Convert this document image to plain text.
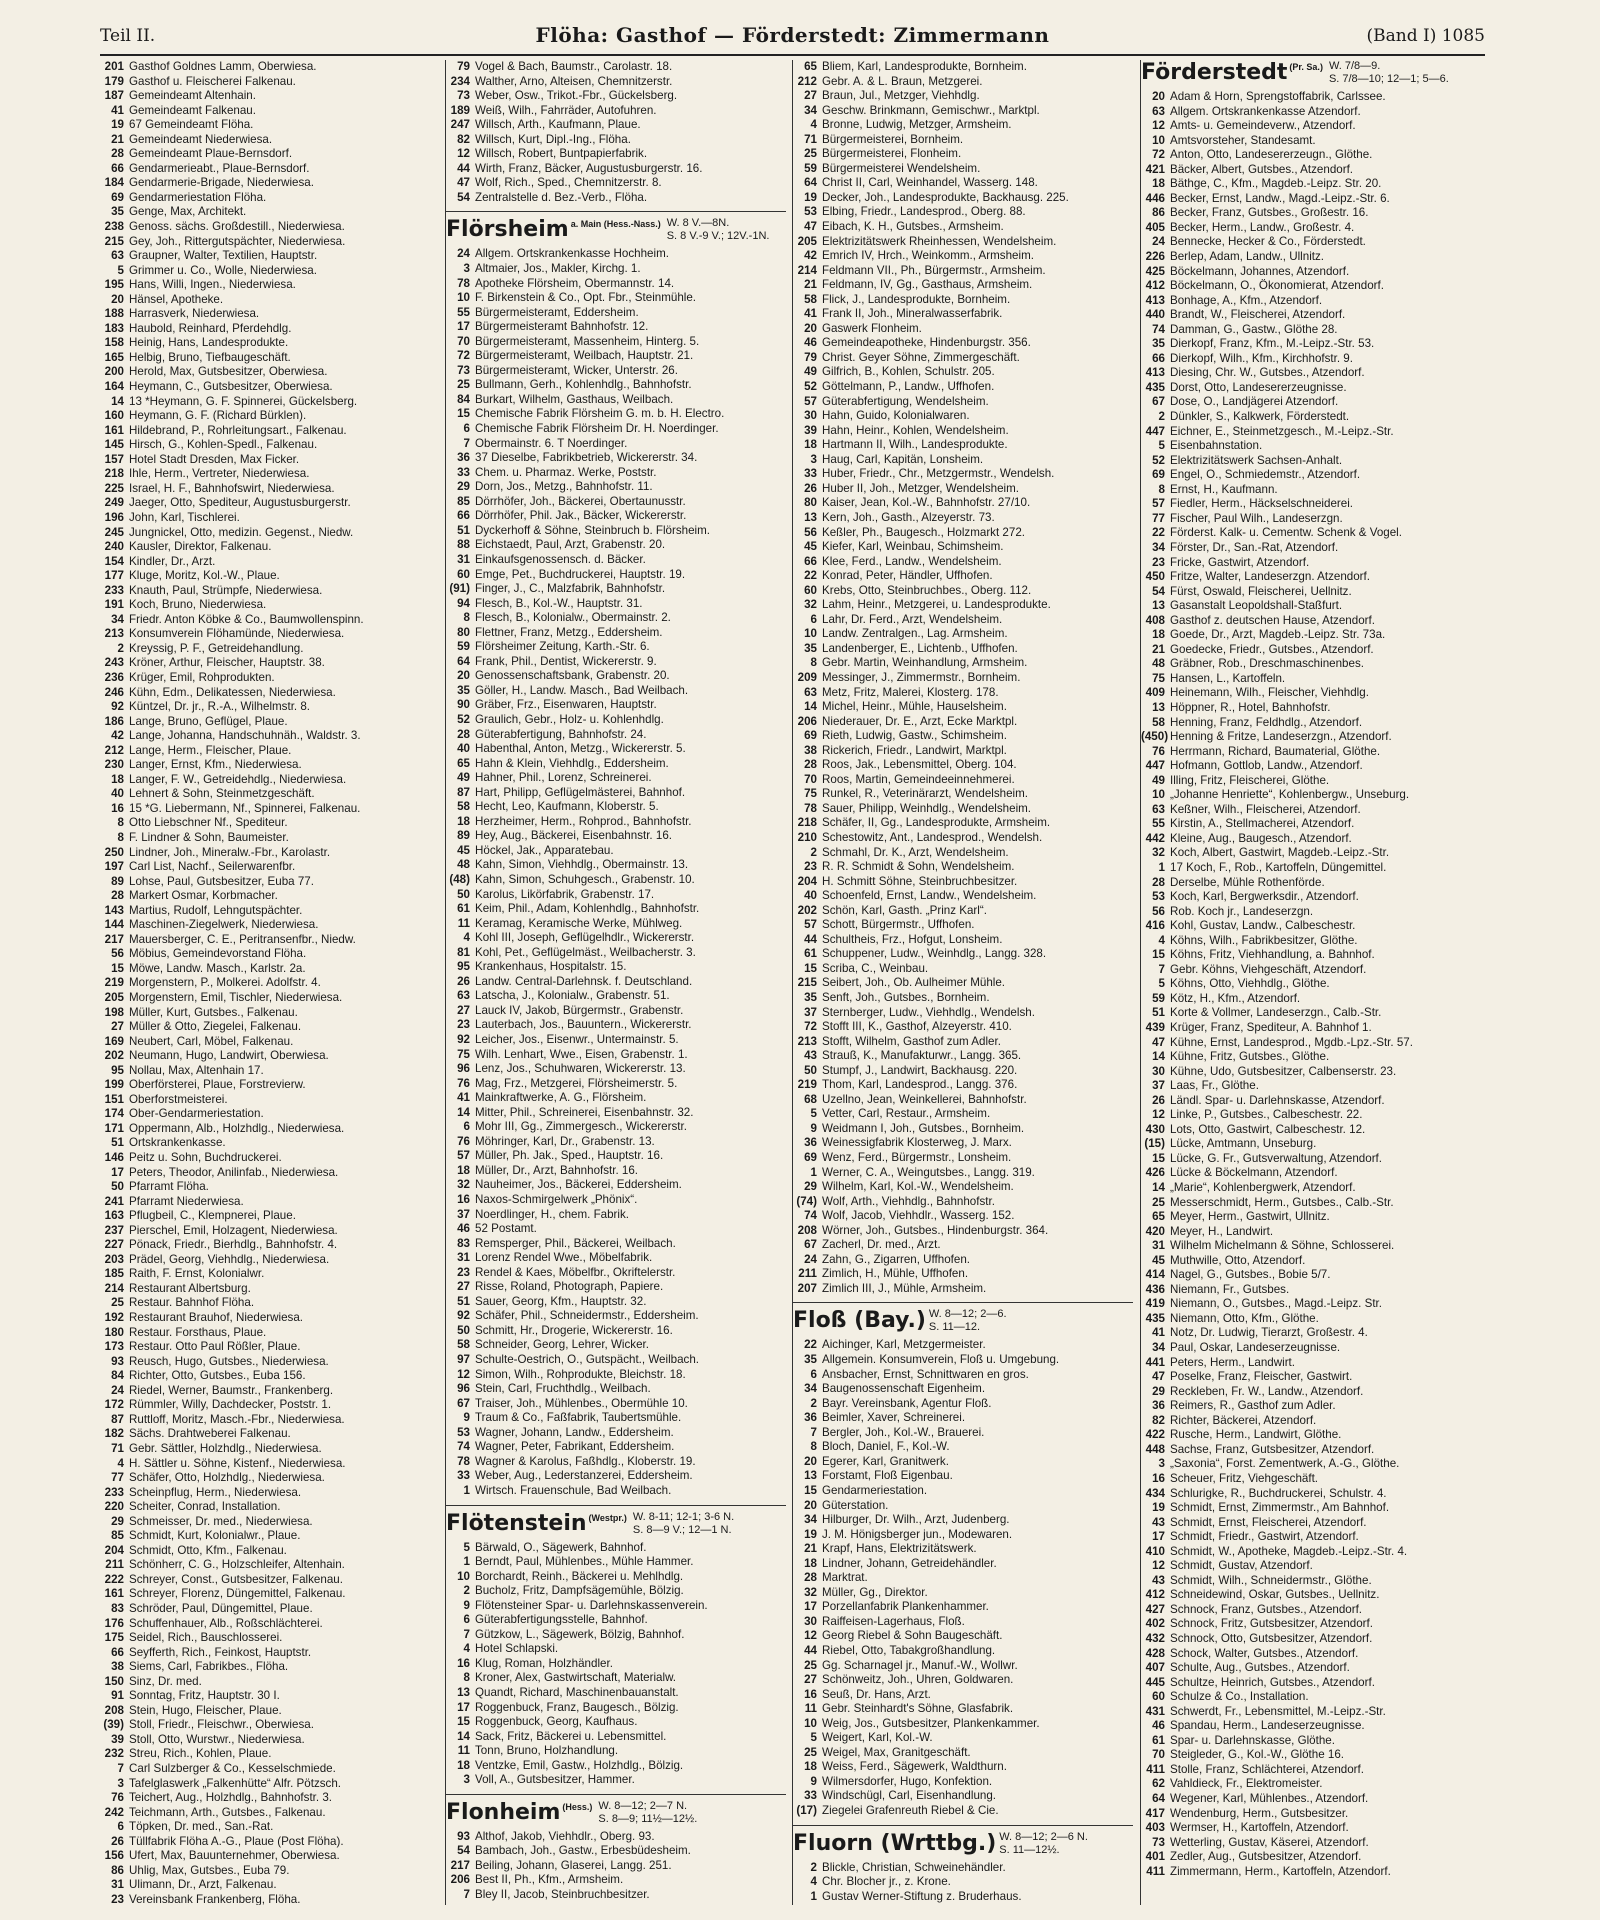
Teil II.	Flöha: Gasthof — Förderstedt: Zimmermann	(Band I) 1085
201 Gasthof Goldnes Lamm, Oberwiesa.
179 Gasthof u. Fleischerei Falkenau.
187 Gemeindeamt Altenhain.
41 Gemeindeamt Falkenau.
19 67 Gemeindeamt Flöha.
21 Gemeindeamt Niederwiesa.
28 Gemeindeamt Plaue-Bernsdorf.
66 Gendarmerieabt., Plaue-Bernsdorf.
184 Gendarmerie-Brigade, Niederwiesa.
69 Gendarmeriestation Flöha.
35 Genge, Max, Architekt.
238 Genoss. sächs. Großdestill., Niederwiesa.
215 Gey, Joh., Rittergutspächter, Niederwiesa.
63 Graupner, Walter, Textilien, Hauptstr.
5 Grimmer u. Co., Wolle, Niederwiesa.
195 Hans, Willi, Ingen., Niederwiesa.
20 Hänsel, Apotheke.
188 Harrasverk, Niederwiesa.
183 Haubold, Reinhard, Pferdehdlg.
158 Heinig, Hans, Landesprodukte.
165 Helbig, Bruno, Tiefbaugeschäft.
200 Herold, Max, Gutsbesitzer, Oberwiesa.
164 Heymann, C., Gutsbesitzer, Oberwiesa.
14 13 *Heymann, G. F. Spinnerei, Gückelsberg.
160 Heymann, G. F. (Richard Bürklen).
161 Hildebrand, P., Rohrleitungsart., Falkenau.
145 Hirsch, G., Kohlen-Spedl., Falkenau.
157 Hotel Stadt Dresden, Max Ficker.
218 Ihle, Herm., Vertreter, Niederwiesa.
225 Israel, H. F., Bahnhofswirt, Niederwiesa.
249 Jaeger, Otto, Spediteur, Augustusburgerstr.
196 John, Karl, Tischlerei.
245 Jungnickel, Otto, medizin. Gegenst., Niedw.
240 Kausler, Direktor, Falkenau.
154 Kindler, Dr., Arzt.
177 Kluge, Moritz, Kol.-W., Plaue.
233 Knauth, Paul, Strümpfe, Niederwiesa.
191 Koch, Bruno, Niederwiesa.
34 Friedr. Anton Köbke & Co., Baumwollenspinn.
213 Konsumverein Flöhamünde, Niederwiesa.
2 Kreyssig, P. F., Getreidehandlung.
243 Kröner, Arthur, Fleischer, Hauptstr. 38.
236 Krüger, Emil, Rohprodukten.
246 Kühn, Edm., Delikatessen, Niederwiesa.
92 Küntzel, Dr. jr., R.-A., Wilhelmstr. 8.
186 Lange, Bruno, Geflügel, Plaue.
42 Lange, Johanna, Handschuhnäh., Waldstr. 3.
212 Lange, Herm., Fleischer, Plaue.
230 Langer, Ernst, Kfm., Niederwiesa.
18 Langer, F. W., Getreidehdlg., Niederwiesa.
40 Lehnert & Sohn, Steinmetzgeschäft.
16 15 *G. Liebermann, Nf., Spinnerei, Falkenau.
8 Otto Liebschner Nf., Spediteur.
8 F. Lindner & Sohn, Baumeister.
250 Lindner, Joh., Mineralw.-Fbr., Karolastr.
197 Carl List, Nachf., Seilerwarenfbr.
89 Lohse, Paul, Gutsbesitzer, Euba 77.
28 Markert Osmar, Korbmacher.
143 Martius, Rudolf, Lehngutspächter.
144 Maschinen-Ziegelwerk, Niederwiesa.
217 Mauersberger, C. E., Peritransenfbr., Niedw.
56 Möbius, Gemeindevorstand Flöha.
15 Möwe, Landw. Masch., Karlstr. 2a.
219 Morgenstern, P., Molkerei. Adolfstr. 4.
205 Morgenstern, Emil, Tischler, Niederwiesa.
198 Müller, Kurt, Gutsbes., Falkenau.
27 Müller & Otto, Ziegelei, Falkenau.
169 Neubert, Carl, Möbel, Falkenau.
202 Neumann, Hugo, Landwirt, Oberwiesa.
95 Nollau, Max, Altenhain 17.
199 Oberförsterei, Plaue, Forstrevierw.
151 Oberforstmeisterei.
174 Ober-Gendarmeriestation.
171 Oppermann, Alb., Holzhdlg., Niederwiesa.
51 Ortskrankenkasse.
146 Peitz u. Sohn, Buchdruckerei.
17 Peters, Theodor, Anilinfab., Niederwiesa.
50 Pfarramt Flöha.
241 Pfarramt Niederwiesa.
163 Pflugbeil, C., Klempnerei, Plaue.
237 Pierschel, Emil, Holzagent, Niederwiesa.
227 Pönack, Friedr., Bierhdlg., Bahnhofstr. 4.
203 Prädel, Georg, Viehhdlg., Niederwiesa.
185 Raith, F. Ernst, Kolonialwr.
214 Restaurant Albertsburg.
25 Restaur. Bahnhof Flöha.
192 Restaurant Brauhof, Niederwiesa.
180 Restaur. Forsthaus, Plaue.
173 Restaur. Otto Paul Rößler, Plaue.
93 Reusch, Hugo, Gutsbes., Niederwiesa.
84 Richter, Otto, Gutsbes., Euba 156.
24 Riedel, Werner, Baumstr., Frankenberg.
172 Rümmler, Willy, Dachdecker, Poststr. 1.
87 Ruttloff, Moritz, Masch.-Fbr., Niederwiesa.
182 Sächs. Drahtweberei Falkenau.
71 Gebr. Sättler, Holzhdlg., Niederwiesa.
4 H. Sättler u. Söhne, Kistenf., Niederwiesa.
77 Schäfer, Otto, Holzhdlg., Niederwiesa.
233 Scheinpflug, Herm., Niederwiesa.
220 Scheiter, Conrad, Installation.
29 Schmeisser, Dr. med., Niederwiesa.
85 Schmidt, Kurt, Kolonialwr., Plaue.
204 Schmidt, Otto, Kfm., Falkenau.
211 Schönherr, C. G., Holzschleifer, Altenhain.
222 Schreyer, Const., Gutsbesitzer, Falkenau.
161 Schreyer, Florenz, Düngemittel, Falkenau.
83 Schröder, Paul, Düngemittel, Plaue.
176 Schuffenhauer, Alb., Roßschlächterei.
175 Seidel, Rich., Bauschlosserei.
66 Seyfferth, Rich., Feinkost, Hauptstr.
38 Siems, Carl, Fabrikbes., Flöha.
150 Sinz, Dr. med.
91 Sonntag, Fritz, Hauptstr. 30 I.
208 Stein, Hugo, Fleischer, Plaue.
(39) Stoll, Friedr., Fleischwr., Oberwiesa.
39 Stoll, Otto, Wurstwr., Niederwiesa.
232 Streu, Rich., Kohlen, Plaue.
7 Carl Sulzberger & Co., Kesselschmiede.
3 Tafelglaswerk „Falkenhütte“ Alfr. Pötzsch.
76 Teichert, Aug., Holzhdlg., Bahnhofstr. 3.
242 Teichmann, Arth., Gutsbes., Falkenau.
6 Töpken, Dr. med., San.-Rat.
26 Tüllfabrik Flöha A.-G., Plaue (Post Flöha).
156 Ufert, Max, Bauunternehmer, Oberwiesa.
86 Uhlig, Max, Gutsbes., Euba 79.
31 Ulimann, Dr., Arzt, Falkenau.
23 Vereinsbank Frankenberg, Flöha.
79 Vogel & Bach, Baumstr., Carolastr. 18.
234 Walther, Arno, Alteisen, Chemnitzerstr.
73 Weber, Osw., Trikot.-Fbr., Gückelsberg.
189 Weiß, Wilh., Fahrräder, Autofuhren.
247 Willsch, Arth., Kaufmann, Plaue.
82 Willsch, Kurt, Dipl.-Ing., Flöha.
12 Willsch, Robert, Buntpapierfabrik.
44 Wirth, Franz, Bäcker, Augustusburgerstr. 16.
47 Wolf, Rich., Sped., Chemnitzerstr. 8.
54 Zentralstelle d. Bez.-Verb., Flöha.
Flörsheim a. Main (Hess.-Nass.) W. 8 V.—8N.
S. 8 V.-9 V.; 12V.-1N.
24 Allgem. Ortskrankenkasse Hochheim.
3 Altmaier, Jos., Makler, Kirchg. 1.
78 Apotheke Flörsheim, Obermannstr. 14.
10 F. Birkenstein & Co., Opt. Fbr., Steinmühle.
55 Bürgermeisteramt, Eddersheim.
17 Bürgermeisteramt Bahnhofstr. 12.
70 Bürgermeisteramt, Massenheim, Hinterg. 5.
72 Bürgermeisteramt, Weilbach, Hauptstr. 21.
73 Bürgermeisteramt, Wicker, Unterstr. 26.
25 Bullmann, Gerh., Kohlenhdlg., Bahnhofstr.
84 Burkart, Wilhelm, Gasthaus, Weilbach.
15 Chemische Fabrik Flörsheim G. m. b. H. Electro.
6 Chemische Fabrik Flörsheim Dr. H. Noerdinger.
7 Obermainstr. 6. T Noerdinger.
36 37 Dieselbe, Fabrikbetrieb, Wickererstr. 34.
33 Chem. u. Pharmaz. Werke, Poststr.
29 Dorn, Jos., Metzg., Bahnhofstr. 11.
85 Dörrhöfer, Joh., Bäckerei, Obertaunusstr.
66 Dörrhöfer, Phil. Jak., Bäcker, Wickererstr.
51 Dyckerhoff & Söhne, Steinbruch b. Flörsheim.
88 Eichstaedt, Paul, Arzt, Grabenstr. 20.
31 Einkaufsgenossensch. d. Bäcker.
60 Emge, Pet., Buchdruckerei, Hauptstr. 19.
(91) Finger, J., C., Malzfabrik, Bahnhofstr.
94 Flesch, B., Kol.-W., Hauptstr. 31.
8 Flesch, B., Kolonialw., Obermainstr. 2.
80 Flettner, Franz, Metzg., Eddersheim.
59 Flörsheimer Zeitung, Karth.-Str. 6.
64 Frank, Phil., Dentist, Wickererstr. 9.
20 Genossenschaftsbank, Grabenstr. 20.
35 Göller, H., Landw. Masch., Bad Weilbach.
90 Gräber, Frz., Eisenwaren, Hauptstr.
52 Graulich, Gebr., Holz- u. Kohlenhdlg.
28 Güterabfertigung, Bahnhofstr. 24.
40 Habenthal, Anton, Metzg., Wickererstr. 5.
65 Hahn & Klein, Viehhdlg., Eddersheim.
49 Hahner, Phil., Lorenz, Schreinerei.
87 Hart, Philipp, Geflügelmästerei, Bahnhof.
58 Hecht, Leo, Kaufmann, Kloberstr. 5.
18 Herzheimer, Herm., Rohprod., Bahnhofstr.
89 Hey, Aug., Bäckerei, Eisenbahnstr. 16.
45 Höckel, Jak., Apparatebau.
48 Kahn, Simon, Viehhdlg., Obermainstr. 13.
(48) Kahn, Simon, Schuhgesch., Grabenstr. 10.
50 Karolus, Likörfabrik, Grabenstr. 17.
61 Keim, Phil., Adam, Kohlenhdlg., Bahnhofstr.
11 Keramag, Keramische Werke, Mühlweg.
4 Kohl III, Joseph, Geflügelhdlr., Wickererstr.
81 Kohl, Pet., Geflügelmäst., Weilbacherstr. 3.
95 Krankenhaus, Hospitalstr. 15.
26 Landw. Central-Darlehnsk. f. Deutschland.
63 Latscha, J., Kolonialw., Grabenstr. 51.
27 Lauck IV, Jakob, Bürgermstr., Grabenstr.
23 Lauterbach, Jos., Bauuntern., Wickererstr.
92 Leicher, Jos., Eisenwr., Untermainstr. 5.
75 Wilh. Lenhart, Wwe., Eisen, Grabenstr. 1.
96 Lenz, Jos., Schuhwaren, Wickererstr. 13.
76 Mag, Frz., Metzgerei, Flörsheimerstr. 5.
41 Mainkraftwerke, A. G., Flörsheim.
14 Mitter, Phil., Schreinerei, Eisenbahnstr. 32.
6 Mohr III, Gg., Zimmergesch., Wickererstr.
76 Möhringer, Karl, Dr., Grabenstr. 13.
57 Müller, Ph. Jak., Sped., Hauptstr. 16.
18 Müller, Dr., Arzt, Bahnhofstr. 16.
32 Nauheimer, Jos., Bäckerei, Eddersheim.
16 Naxos-Schmirgelwerk „Phönix“.
37 Noerdlinger, H., chem. Fabrik.
46 52 Postamt.
83 Remsperger, Phil., Bäckerei, Weilbach.
31 Lorenz Rendel Wwe., Möbelfabrik.
23 Rendel & Kaes, Möbelfbr., Okriftelerstr.
27 Risse, Roland, Photograph, Papiere.
51 Sauer, Georg, Kfm., Hauptstr. 32.
92 Schäfer, Phil., Schneidermstr., Eddersheim.
50 Schmitt, Hr., Drogerie, Wickererstr. 16.
58 Schneider, Georg, Lehrer, Wicker.
97 Schulte-Oestrich, O., Gutspächt., Weilbach.
12 Simon, Wilh., Rohprodukte, Bleichstr. 18.
96 Stein, Carl, Fruchthdlg., Weilbach.
67 Traiser, Joh., Mühlenbes., Obermühle 10.
9 Traum & Co., Faßfabrik, Taubertsmühle.
53 Wagner, Johann, Landw., Eddersheim.
74 Wagner, Peter, Fabrikant, Eddersheim.
78 Wagner & Karolus, Faßhdlg., Kloberstr. 19.
33 Weber, Aug., Lederstanzerei, Eddersheim.
1 Wirtsch. Frauenschule, Bad Weilbach.
Flötenstein (Westpr.) W. 8-11; 12-1; 3-6 N.
S. 8—9 V.; 12—1 N.
5 Bärwald, O., Sägewerk, Bahnhof.
1 Berndt, Paul, Mühlenbes., Mühle Hammer.
10 Borchardt, Reinh., Bäckerei u. Mehlhdlg.
2 Bucholz, Fritz, Dampfsägemühle, Bölzig.
9 Flötensteiner Spar- u. Darlehnskassenverein.
6 Güterabfertigungsstelle, Bahnhof.
7 Gützkow, L., Sägewerk, Bölzig, Bahnhof.
4 Hotel Schlapski.
16 Klug, Roman, Holzhändler.
8 Kroner, Alex, Gastwirtschaft, Materialw.
13 Quandt, Richard, Maschinenbauanstalt.
17 Roggenbuck, Franz, Baugesch., Bölzig.
15 Roggenbuck, Georg, Kaufhaus.
14 Sack, Fritz, Bäckerei u. Lebensmittel.
11 Tonn, Bruno, Holzhandlung.
18 Ventzke, Emil, Gastw., Holzhdlg., Bölzig.
3 Voll, A., Gutsbesitzer, Hammer.
Flonheim (Hess.) W. 8—12; 2—7 N.
S. 8—9; 11½—12½.
93 Althof, Jakob, Viehhdlr., Oberg. 93.
54 Bambach, Joh., Gastw., Erbesbüdesheim.
217 Beiling, Johann, Glaserei, Langg. 251.
206 Best II, Ph., Kfm., Armsheim.
7 Bley II, Jacob, Steinbruchbesitzer.
65 Bliem, Karl, Landesprodukte, Bornheim.
212 Gebr. A. & L. Braun, Metzgerei.
27 Braun, Jul., Metzger, Viehhdlg.
34 Geschw. Brinkmann, Gemischwr., Marktpl.
4 Bronne, Ludwig, Metzger, Armsheim.
71 Bürgermeisterei, Bornheim.
25 Bürgermeisterei, Flonheim.
59 Bürgermeisterei Wendelsheim.
64 Christ II, Carl, Weinhandel, Wasserg. 148.
19 Decker, Joh., Landesprodukte, Backhausg. 225.
53 Elbing, Friedr., Landesprod., Oberg. 88.
47 Eibach, K. H., Gutsbes., Armsheim.
205 Elektrizitätswerk Rheinhessen, Wendelsheim.
42 Emrich IV, Hrch., Weinkomm., Armsheim.
214 Feldmann VII., Ph., Bürgermstr., Armsheim.
21 Feldmann, IV, Gg., Gasthaus, Armsheim.
58 Flick, J., Landesprodukte, Bornheim.
41 Frank II, Joh., Mineralwasserfabrik.
20 Gaswerk Flonheim.
46 Gemeindeapotheke, Hindenburgstr. 356.
79 Christ. Geyer Söhne, Zimmergeschäft.
49 Gilfrich, B., Kohlen, Schulstr. 205.
52 Göttelmann, P., Landw., Uffhofen.
57 Güterabfertigung, Wendelsheim.
30 Hahn, Guido, Kolonialwaren.
39 Hahn, Heinr., Kohlen, Wendelsheim.
18 Hartmann II, Wilh., Landesprodukte.
3 Haug, Carl, Kapitän, Lonsheim.
33 Huber, Friedr., Chr., Metzgermstr., Wendelsh.
26 Huber II, Joh., Metzger, Wendelsheim.
80 Kaiser, Jean, Kol.-W., Bahnhofstr. 27/10.
13 Kern, Joh., Gasth., Alzeyerstr. 73.
56 Keßler, Ph., Baugesch., Holzmarkt 272.
45 Kiefer, Karl, Weinbau, Schimsheim.
66 Klee, Ferd., Landw., Wendelsheim.
22 Konrad, Peter, Händler, Uffhofen.
60 Krebs, Otto, Steinbruchbes., Oberg. 112.
32 Lahm, Heinr., Metzgerei, u. Landesprodukte.
6 Lahr, Dr. Ferd., Arzt, Wendelsheim.
10 Landw. Zentralgen., Lag. Armsheim.
35 Landenberger, E., Lichtenb., Uffhofen.
8 Gebr. Martin, Weinhandlung, Armsheim.
209 Messinger, J., Zimmermstr., Bornheim.
63 Metz, Fritz, Malerei, Klosterg. 178.
14 Michel, Heinr., Mühle, Hauselsheim.
206 Niederauer, Dr. E., Arzt, Ecke Marktpl.
69 Rieth, Ludwig, Gastw., Schimsheim.
38 Rickerich, Friedr., Landwirt, Marktpl.
28 Roos, Jak., Lebensmittel, Oberg. 104.
70 Roos, Martin, Gemeindeeinnehmerei.
75 Runkel, R., Veterinärarzt, Wendelsheim.
78 Sauer, Philipp, Weinhdlg., Wendelsheim.
218 Schäfer, II, Gg., Landesprodukte, Armsheim.
210 Schestowitz, Ant., Landesprod., Wendelsh.
2 Schmahl, Dr. K., Arzt, Wendelsheim.
23 R. R. Schmidt & Sohn, Wendelsheim.
204 H. Schmitt Söhne, Steinbruchbesitzer.
40 Schoenfeld, Ernst, Landw., Wendelsheim.
202 Schön, Karl, Gasth. „Prinz Karl“.
57 Schott, Bürgermstr., Uffhofen.
44 Schultheis, Frz., Hofgut, Lonsheim.
61 Schuppener, Ludw., Weinhdlg., Langg. 328.
15 Scriba, C., Weinbau.
215 Seibert, Joh., Ob. Aulheimer Mühle.
35 Senft, Joh., Gutsbes., Bornheim.
37 Sternberger, Ludw., Viehhdlg., Wendelsh.
72 Stofft III, K., Gasthof, Alzeyerstr. 410.
213 Stofft, Wilhelm, Gasthof zum Adler.
43 Strauß, K., Manufakturwr., Langg. 365.
50 Stumpf, J., Landwirt, Backhausg. 220.
219 Thom, Karl, Landesprod., Langg. 376.
68 Uzellno, Jean, Weinkellerei, Bahnhofstr.
5 Vetter, Carl, Restaur., Armsheim.
9 Weidmann I, Joh., Gutsbes., Bornheim.
36 Weinessigfabrik Klosterweg, J. Marx.
69 Wenz, Ferd., Bürgermstr., Lonsheim.
1 Werner, C. A., Weingutsbes., Langg. 319.
29 Wilhelm, Karl, Kol.-W., Wendelsheim.
(74) Wolf, Arth., Viehhdlg., Bahnhofstr.
74 Wolf, Jacob, Viehhdlr., Wasserg. 152.
208 Wörner, Joh., Gutsbes., Hindenburgstr. 364.
67 Zacherl, Dr. med., Arzt.
24 Zahn, G., Zigarren, Uffhofen.
211 Zimlich, H., Mühle, Uffhofen.
207 Zimlich III, J., Mühle, Armsheim.
Floß (Bay.) W. 8—12; 2—6.
S. 11—12.
22 Aichinger, Karl, Metzgermeister.
35 Allgemein. Konsumverein, Floß u. Umgebung.
6 Ansbacher, Ernst, Schnittwaren en gros.
34 Baugenossenschaft Eigenheim.
2 Bayr. Vereinsbank, Agentur Floß.
36 Beimler, Xaver, Schreinerei.
7 Bergler, Joh., Kol.-W., Brauerei.
8 Bloch, Daniel, F., Kol.-W.
20 Egerer, Karl, Granitwerk.
13 Forstamt, Floß Eigenbau.
15 Gendarmeriestation.
20 Güterstation.
34 Hilburger, Dr. Wilh., Arzt, Judenberg.
19 J. M. Hönigsberger jun., Modewaren.
21 Krapf, Hans, Elektrizitätswerk.
18 Lindner, Johann, Getreidehändler.
28 Marktrat.
32 Müller, Gg., Direktor.
17 Porzellanfabrik Plankenhammer.
30 Raiffeisen-Lagerhaus, Floß.
12 Georg Riebel & Sohn Baugeschäft.
44 Riebel, Otto, Tabakgroßhandlung.
25 Gg. Scharnagel jr., Manuf.-W., Wollwr.
27 Schönweitz, Joh., Uhren, Goldwaren.
16 Seuß, Dr. Hans, Arzt.
11 Gebr. Steinhardt's Söhne, Glasfabrik.
10 Weig, Jos., Gutsbesitzer, Plankenkammer.
5 Weigert, Karl, Kol.-W.
25 Weigel, Max, Granitgeschäft.
18 Weiss, Ferd., Sägewerk, Waldthurn.
9 Wilmersdorfer, Hugo, Konfektion.
33 Windschügl, Carl, Eisenhandlung.
(17) Ziegelei Grafenreuth Riebel & Cie.
Fluorn (Wrttbg.) W. 8—12; 2—6 N.
S. 11—12½.
2 Blickle, Christian, Schweinehändler.
4 Chr. Blocher jr., z. Krone.
1 Gustav Werner-Stiftung z. Bruderhaus.
Förderstedt (Pr. Sa.) W. 7/8—9.
S. 7/8—10; 12—1; 5—6.
20 Adam & Horn, Sprengstoffabrik, Carlssee.
63 Allgem. Ortskrankenkasse Atzendorf.
12 Amts- u. Gemeindeverw., Atzendorf.
10 Amtsvorsteher, Standesamt.
72 Anton, Otto, Landesererzeugn., Glöthe.
421 Bäcker, Albert, Gutsbes., Atzendorf.
18 Bäthge, C., Kfm., Magdeb.-Leipz. Str. 20.
446 Becker, Ernst, Landw., Magd.-Leipz.-Str. 6.
86 Becker, Franz, Gutsbes., Großestr. 16.
405 Becker, Herm., Landw., Großestr. 4.
24 Bennecke, Hecker & Co., Förderstedt.
226 Berlep, Adam, Landw., Ullnitz.
425 Böckelmann, Johannes, Atzendorf.
412 Böckelmann, O., Ökonomierat, Atzendorf.
413 Bonhage, A., Kfm., Atzendorf.
440 Brandt, W., Fleischerei, Atzendorf.
74 Damman, G., Gastw., Glöthe 28.
35 Dierkopf, Franz, Kfm., M.-Leipz.-Str. 53.
66 Dierkopf, Wilh., Kfm., Kirchhofstr. 9.
413 Diesing, Chr. W., Gutsbes., Atzendorf.
435 Dorst, Otto, Landesererzeugnisse.
67 Dose, O., Landjägerei Atzendorf.
2 Dünkler, S., Kalkwerk, Förderstedt.
447 Eichner, E., Steinmetzgesch., M.-Leipz.-Str.
5 Eisenbahnstation.
52 Elektrizitätswerk Sachsen-Anhalt.
69 Engel, O., Schmiedemstr., Atzendorf.
8 Ernst, H., Kaufmann.
57 Fiedler, Herm., Häckselschneiderei.
77 Fischer, Paul Wilh., Landeserzgn.
22 Förderst. Kalk- u. Cementw. Schenk & Vogel.
34 Förster, Dr., San.-Rat, Atzendorf.
23 Fricke, Gastwirt, Atzendorf.
450 Fritze, Walter, Landeserzgn. Atzendorf.
54 Fürst, Oswald, Fleischerei, Uellnitz.
13 Gasanstalt Leopoldshall-Staßfurt.
408 Gasthof z. deutschen Hause, Atzendorf.
18 Goede, Dr., Arzt, Magdeb.-Leipz. Str. 73a.
21 Goedecke, Friedr., Gutsbes., Atzendorf.
48 Gräbner, Rob., Dreschmaschinenbes.
75 Hansen, L., Kartoffeln.
409 Heinemann, Wilh., Fleischer, Viehhdlg.
13 Höppner, R., Hotel, Bahnhofstr.
58 Henning, Franz, Feldhdlg., Atzendorf.
(450) Henning & Fritze, Landeserzgn., Atzendorf.
76 Herrmann, Richard, Baumaterial, Glöthe.
447 Hofmann, Gottlob, Landw., Atzendorf.
49 Illing, Fritz, Fleischerei, Glöthe.
10 „Johanne Henriette“, Kohlenbergw., Unseburg.
63 Keßner, Wilh., Fleischerei, Atzendorf.
55 Kirstin, A., Stellmacherei, Atzendorf.
442 Kleine, Aug., Baugesch., Atzendorf.
32 Koch, Albert, Gastwirt, Magdeb.-Leipz.-Str.
1 17 Koch, F., Rob., Kartoffeln, Düngemittel.
28 Derselbe, Mühle Rothenförde.
53 Koch, Karl, Bergwerksdir., Atzendorf.
56 Rob. Koch jr., Landeserzgn.
416 Kohl, Gustav, Landw., Calbeschestr.
4 Köhns, Wilh., Fabrikbesitzer, Glöthe.
15 Köhns, Fritz, Viehhandlung, a. Bahnhof.
7 Gebr. Köhns, Viehgeschäft, Atzendorf.
5 Köhns, Otto, Viehhdlg., Glöthe.
59 Kötz, H., Kfm., Atzendorf.
51 Korte & Vollmer, Landeserzgn., Calb.-Str.
439 Krüger, Franz, Spediteur, A. Bahnhof 1.
47 Kühne, Ernst, Landesprod., Mgdb.-Lpz.-Str. 57.
14 Kühne, Fritz, Gutsbes., Glöthe.
30 Kühne, Udo, Gutsbesitzer, Calbenserstr. 23.
37 Laas, Fr., Glöthe.
26 Ländl. Spar- u. Darlehnskasse, Atzendorf.
12 Linke, P., Gutsbes., Calbeschestr. 22.
430 Lots, Otto, Gastwirt, Calbeschestr. 12.
(15) Lücke, Amtmann, Unseburg.
15 Lücke, G. Fr., Gutsverwaltung, Atzendorf.
426 Lücke & Böckelmann, Atzendorf.
14 „Marie“, Kohlenbergwerk, Atzendorf.
25 Messerschmidt, Herm., Gutsbes., Calb.-Str.
65 Meyer, Herm., Gastwirt, Ullnitz.
420 Meyer, H., Landwirt.
31 Wilhelm Michelmann & Söhne, Schlosserei.
45 Muthwille, Otto, Atzendorf.
414 Nagel, G., Gutsbes., Bobie 5/7.
436 Niemann, Fr., Gutsbes.
419 Niemann, O., Gutsbes., Magd.-Leipz. Str.
435 Niemann, Otto, Kfm., Glöthe.
41 Notz, Dr. Ludwig, Tierarzt, Großestr. 4.
34 Paul, Oskar, Landeserzeugnisse.
441 Peters, Herm., Landwirt.
47 Poselke, Franz, Fleischer, Gastwirt.
29 Reckleben, Fr. W., Landw., Atzendorf.
36 Reimers, R., Gasthof zum Adler.
82 Richter, Bäckerei, Atzendorf.
422 Rusche, Herm., Landwirt, Glöthe.
448 Sachse, Franz, Gutsbesitzer, Atzendorf.
3 „Saxonia“, Forst. Zementwerk, A.-G., Glöthe.
16 Scheuer, Fritz, Viehgeschäft.
434 Schlurigke, R., Buchdruckerei, Schulstr. 4.
19 Schmidt, Ernst, Zimmermstr., Am Bahnhof.
43 Schmidt, Ernst, Fleischerei, Atzendorf.
17 Schmidt, Friedr., Gastwirt, Atzendorf.
410 Schmidt, W., Apotheke, Magdeb.-Leipz.-Str. 4.
12 Schmidt, Gustav, Atzendorf.
43 Schmidt, Wilh., Schneidermstr., Glöthe.
412 Schneidewind, Oskar, Gutsbes., Uellnitz.
427 Schnock, Franz, Gutsbes., Atzendorf.
402 Schnock, Fritz, Gutsbesitzer, Atzendorf.
432 Schnock, Otto, Gutsbesitzer, Atzendorf.
428 Schock, Walter, Gutsbes., Atzendorf.
407 Schulte, Aug., Gutsbes., Atzendorf.
445 Schultze, Heinrich, Gutsbes., Atzendorf.
60 Schulze & Co., Installation.
431 Schwerdt, Fr., Lebensmittel, M.-Leipz.-Str.
46 Spandau, Herm., Landeserzeugnisse.
61 Spar- u. Darlehnskasse, Glöthe.
70 Steigleder, G., Kol.-W., Glöthe 16.
411 Stolle, Franz, Schlächterei, Atzendorf.
62 Vahldieck, Fr., Elektromeister.
64 Wegener, Karl, Mühlenbes., Atzendorf.
417 Wendenburg, Herm., Gutsbesitzer.
403 Wermser, H., Kartoffeln, Atzendorf.
73 Wetterling, Gustav, Käserei, Atzendorf.
401 Zedler, Aug., Gutsbesitzer, Atzendorf.
411 Zimmermann, Herm., Kartoffeln, Atzendorf.
